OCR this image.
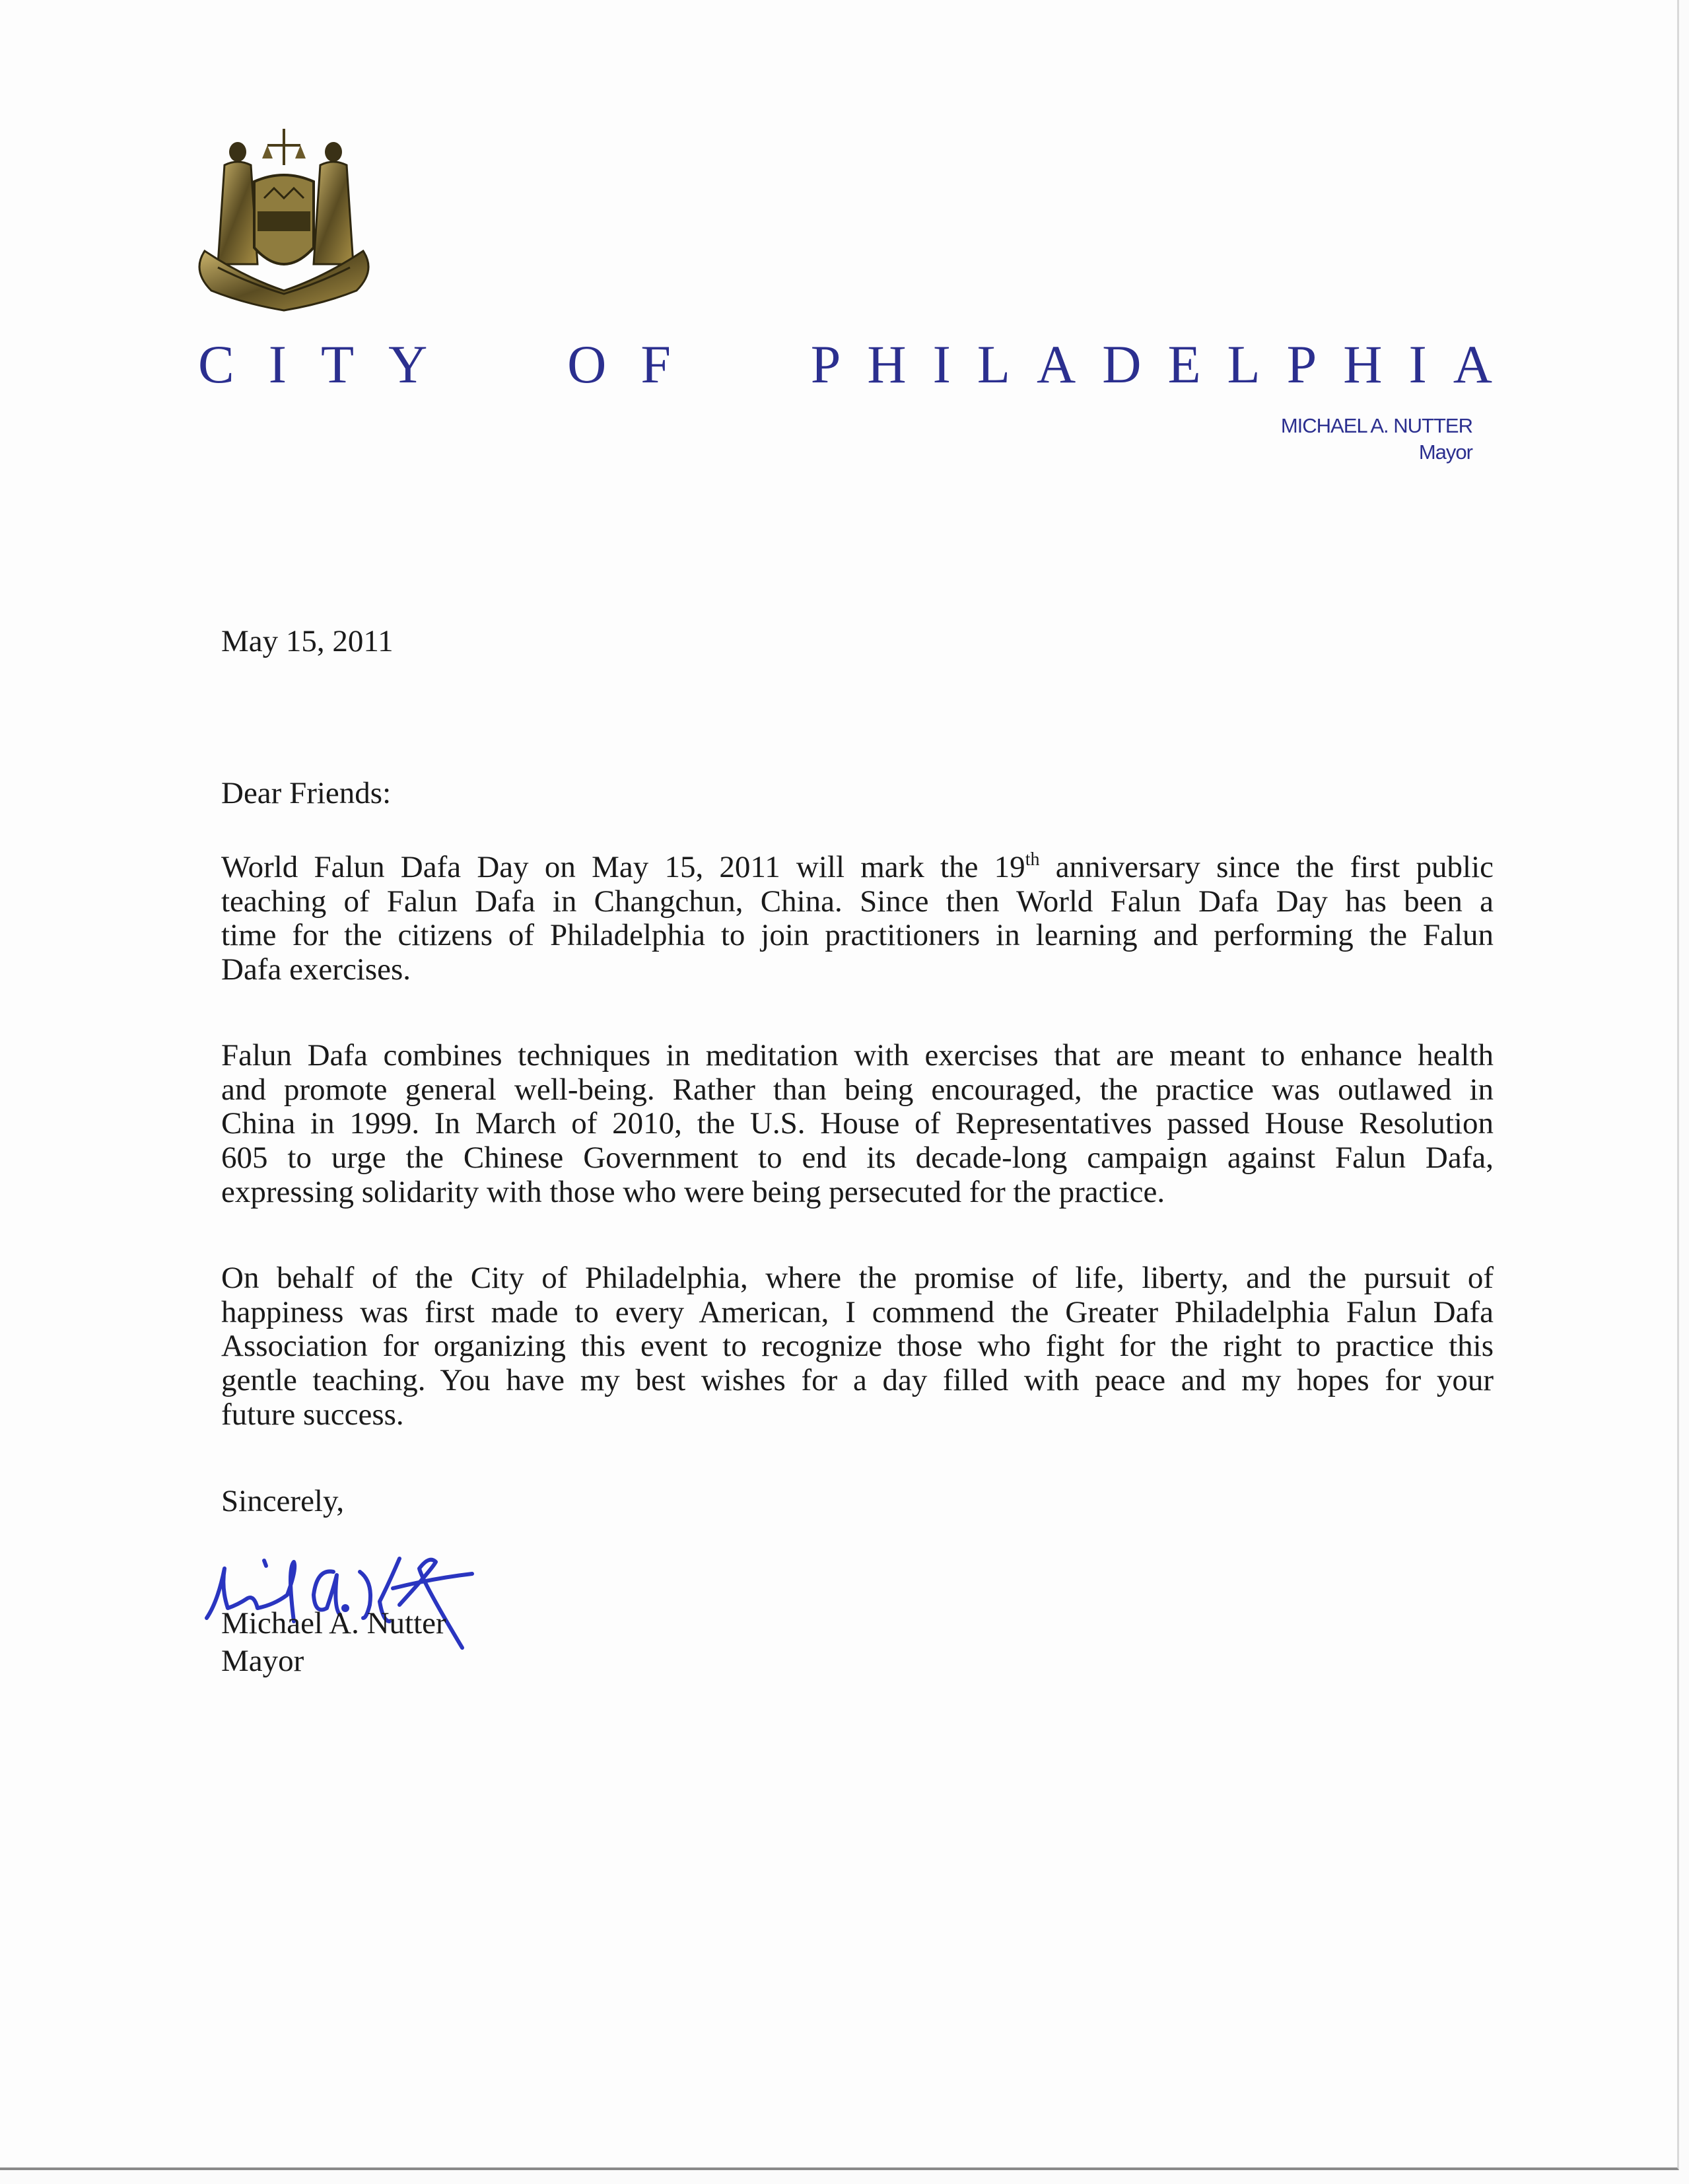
CITY OF PHILADELPHIA
MICHAEL A. NUTTER
Mayor
May 15, 2011
Dear Friends:
World Falun Dafa Day on May 15, 2011 will mark the 19th anniversary since the first public
teaching of Falun Dafa in Changchun, China. Since then World Falun Dafa Day has been a
time for the citizens of Philadelphia to join practitioners in learning and performing the Falun
Dafa exercises.
Falun Dafa combines techniques in meditation with exercises that are meant to enhance health
and promote general well-being. Rather than being encouraged, the practice was outlawed in
China in 1999. In March of 2010, the U.S. House of Representatives passed House Resolution
605 to urge the Chinese Government to end its decade-long campaign against Falun Dafa,
expressing solidarity with those who were being persecuted for the practice.
On behalf of the City of Philadelphia, where the promise of life, liberty, and the pursuit of
happiness was first made to every American, I commend the Greater Philadelphia Falun Dafa
Association for organizing this event to recognize those who fight for the right to practice this
gentle teaching. You have my best wishes for a day filled with peace and my hopes for your
future success.
Sincerely,
Michael A. Nutter
Mayor
